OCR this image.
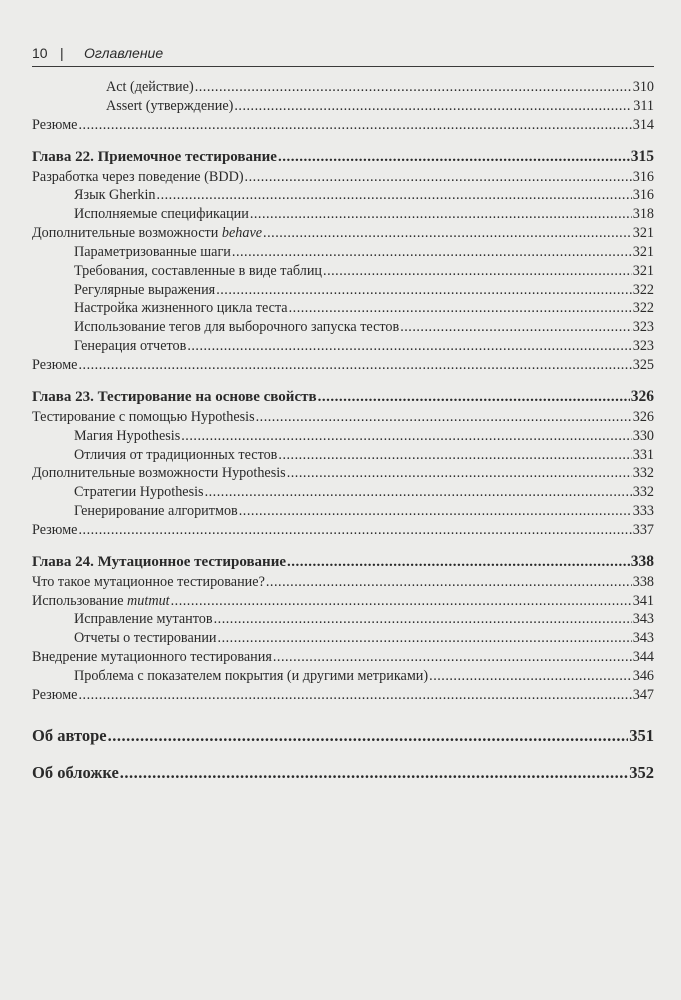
10 | Оглавление
Act (действие) .....	310
Assert (утверждение) .....	311
Резюме .....	314
Глава 22. Приемочное тестирование .....	315
Разработка через поведение (BDD) .....	316
Язык Gherkin .....	316
Исполняемые спецификации .....	318
Дополнительные возможности behave .....	321
Параметризованные шаги .....	321
Требования, составленные в виде таблиц .....	321
Регулярные выражения .....	322
Настройка жизненного цикла теста .....	322
Использование тегов для выборочного запуска тестов .....	323
Генерация отчетов .....	323
Резюме .....	325
Глава 23. Тестирование на основе свойств .....	326
Тестирование с помощью Hypothesis .....	326
Магия Hypothesis .....	330
Отличия от традиционных тестов .....	331
Дополнительные возможности Hypothesis .....	332
Стратегии Hypothesis .....	332
Генерирование алгоритмов .....	333
Резюме .....	337
Глава 24. Мутационное тестирование .....	338
Что такое мутационное тестирование? .....	338
Использование mutmut .....	341
Исправление мутантов .....	343
Отчеты о тестировании .....	343
Внедрение мутационного тестирования .....	344
Проблема с показателем покрытия (и другими метриками) .....	346
Резюме .....	347
Об авторе .....	351
Об обложке .....	352
